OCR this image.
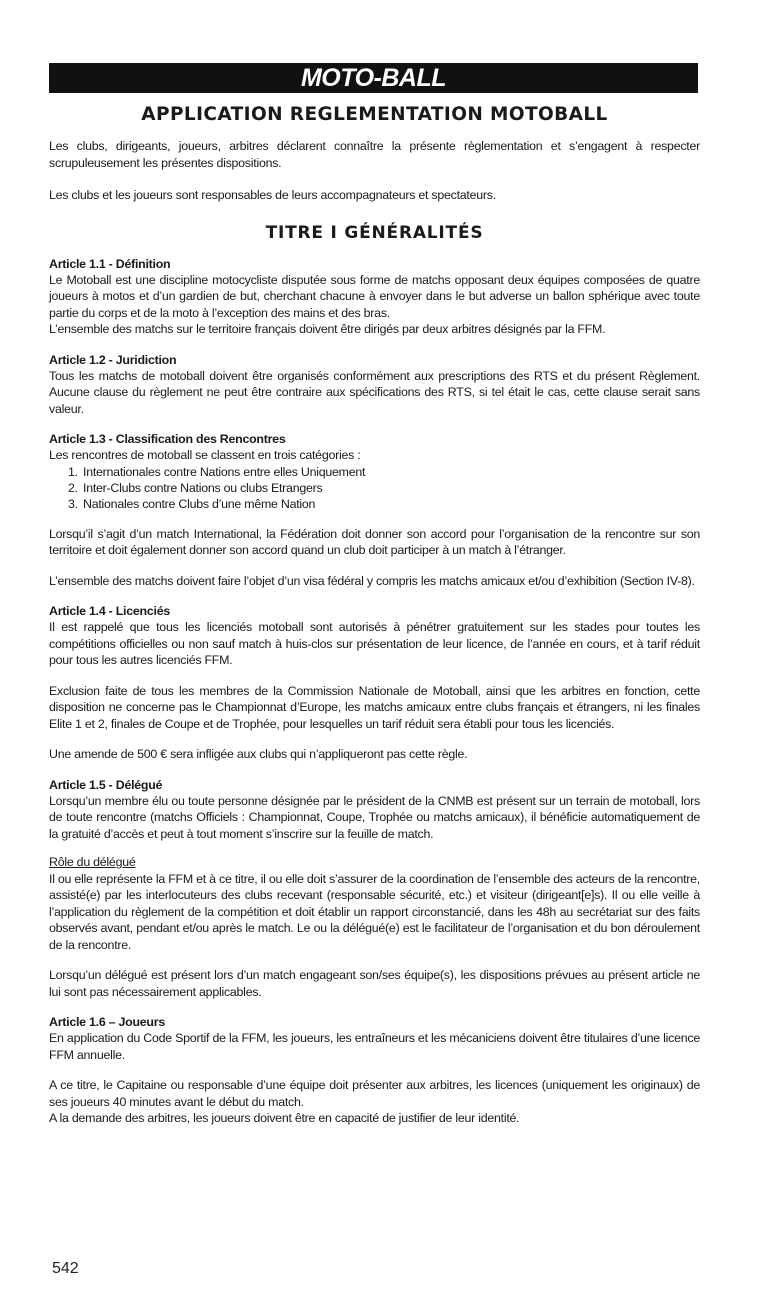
MOTO-BALL
APPLICATION REGLEMENTATION MOTOBALL

Les clubs, dirigeants, joueurs, arbitres déclarent connaître la présente règlementation et s’engagent à respecter scrupuleusement les présentes dispositions.

Les clubs et les joueurs sont responsables de leurs accompagnateurs et spectateurs.

TITRE I GÉNÉRALITÉS
Article 1.1 - Définition

Le Motoball est une discipline motocycliste disputée sous forme de matchs opposant deux équipes composées de quatre joueurs à motos et d’un gardien de but, cherchant chacune à envoyer dans le but adverse un ballon sphérique avec toute partie du corps et de la moto à l’exception des mains et des bras.

L’ensemble des matchs sur le territoire français doivent être dirigés par deux arbitres désignés par la FFM.

Article 1.2 - Juridiction

Tous les matchs de motoball doivent être organisés conformément aux prescriptions des RTS et du présent Règlement. Aucune clause du règlement ne peut être contraire aux spécifications des RTS, si tel était le cas, cette clause serait sans valeur.

Article 1.3 - Classification des Rencontres

Les rencontres de motoball se classent en trois catégories :

1. Internationales contre Nations entre elles Uniquement
2. Inter-Clubs contre Nations ou clubs Etrangers
3. Nationales contre Clubs d’une même Nation

Lorsqu’il s’agit d’un match International, la Fédération doit donner son accord pour l’organisation de la rencontre sur son territoire et doit également donner son accord quand un club doit participer à un match à l’étranger.

L’ensemble des matchs doivent faire l’objet d’un visa fédéral y compris les matchs amicaux et/ou d’exhibition (Section IV-8).

Article 1.4 - Licenciés

Il est rappelé que tous les licenciés motoball sont autorisés à pénétrer gratuitement sur les stades pour toutes les compétitions officielles ou non sauf match à huis-clos sur présentation de leur licence, de l’année en cours, et à tarif réduit pour tous les autres licenciés FFM.

Exclusion faite de tous les membres de la Commission Nationale de Motoball, ainsi que les arbitres en fonction, cette disposition ne concerne pas le Championnat d’Europe, les matchs amicaux entre clubs français et étrangers, ni les finales Elite 1 et 2, finales de Coupe et de Trophée, pour lesquelles un tarif réduit sera établi pour tous les licenciés.

Une amende de 500 € sera infligée aux clubs qui n’appliqueront pas cette règle.

Article 1.5 - Délégué

Lorsqu’un membre élu ou toute personne désignée par le président de la CNMB est présent sur un terrain de motoball, lors de toute rencontre (matchs Officiels : Championnat, Coupe, Trophée ou matchs amicaux), il bénéficie automatiquement de la gratuité d’accès et peut à tout moment s’inscrire sur la feuille de match.

Rôle du délégué

Il ou elle représente la FFM et à ce titre, il ou elle doit s’assurer de la coordination de l’ensemble des acteurs de la rencontre, assisté(e) par les interlocuteurs des clubs recevant (responsable sécurité, etc.) et visiteur (dirigeant[e]s). Il ou elle veille à l’application du règlement de la compétition et doit établir un rapport circonstancié, dans les 48h au secrétariat sur des faits observés avant, pendant et/ou après le match. Le ou la délégué(e) est le facilitateur de l’organisation et du bon déroulement de la rencontre.

Lorsqu’un délégué est présent lors d’un match engageant son/ses équipe(s), les dispositions prévues au présent article ne lui sont pas nécessairement applicables.

Article 1.6 – Joueurs

En application du Code Sportif de la FFM, les joueurs, les entraîneurs et les mécaniciens doivent être titulaires d’une licence FFM annuelle.

A ce titre, le Capitaine ou responsable d’une équipe doit présenter aux arbitres, les licences (uniquement les originaux) de ses joueurs 40 minutes avant le début du match.

A la demande des arbitres, les joueurs doivent être en capacité de justifier de leur identité.

542
